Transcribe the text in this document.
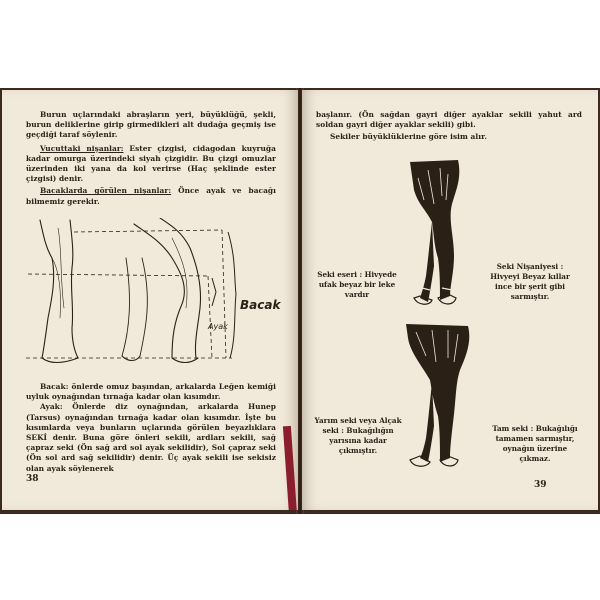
Burun uçlarındaki abraşların yeri, büyüklüğü, şekli, burun deliklerine girip girmedikleri alt dudağa geçmiş ise geçdiği taraf söylenir.

Vucuttaki nişanlar: Ester çizgisi, cidagodan kuyruğa kadar omurga üzerindeki siyah çizgidir. Bu çizgi omuzlar üzerinden iki yana da kol verirse (Haç şeklinde ester çizgisi) denir.

Bacaklarda görülen nişanlar: Önce ayak ve bacağı bilmemiz gerekir.

Bacak
Ayak

Bacak: önlerde omuz başından, arkalarda Leğen kemiği uyluk oynağından tırnağa kadar olan kısımdır.

Ayak: Önlerde diz oynağından, arkalarda Hunep (Tarsus) oynağından tırnağa kadar olan kısımdır. İşte bu kısımlarda veya bunların uçlarında görülen beyazlıklara SEKİ denir. Buna göre önleri sekili, ardları sekili, sağ çapraz seki (Ön sağ ard sol ayak sekilidir), Sol çapraz seki (Ön sol ard sağ sekilidir) denir. Üç ayak sekili ise sekisiz olan ayak söylenerek

38

başlanır. (Ön sağdan gayri diğer ayaklar sekili yahut ard soldan gayri diğer ayaklar sekili) gibi.

Sekiler büyüklüklerine göre isim alır.

Seki eseri : Hivyede ufak beyaz bir leke vardır
Seki Nişaniyesi : Hivyeyi Beyaz kıllar ince bir şerit gibi sarmıştır.
Yarım seki veya Alçak seki : Bukağılığın yarısına kadar çıkmıştır.
Tam seki : Bukağılığı tamamen sarmıştır, oynağın üzerine çıkmaz.
39
